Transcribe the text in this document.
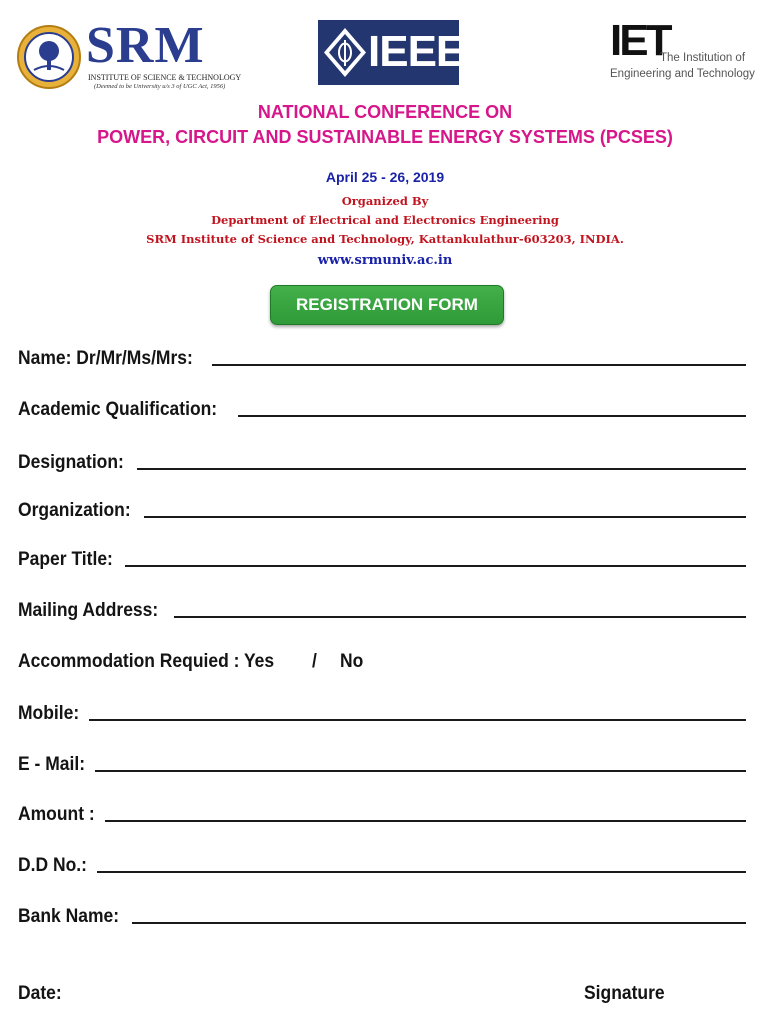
SRM
INSTITUTE OF SCIENCE & TECHNOLOGY
(Deemed to be University u/s 3 of UGC Act, 1956)
IEEE	IET
The Institution of
Engineering and Technology
NATIONAL CONFERENCE ON
POWER, CIRCUIT AND SUSTAINABLE ENERGY SYSTEMS (PCSES)
April 25 - 26, 2019
Organized By
Department of Electrical and Electronics Engineering
SRM Institute of Science and Technology, Kattankulathur-603203, INDIA.
www.srmuniv.ac.in
REGISTRATION FORM
Name: Dr/Mr/Ms/Mrs:
Academic Qualification:
Designation:
Organization:
Paper Title:
Mailing Address:
Accommodation Requied : Yes / No
Mobile:
E - Mail:
Amount :
D.D No.:
Bank Name:
Date:	Signature
